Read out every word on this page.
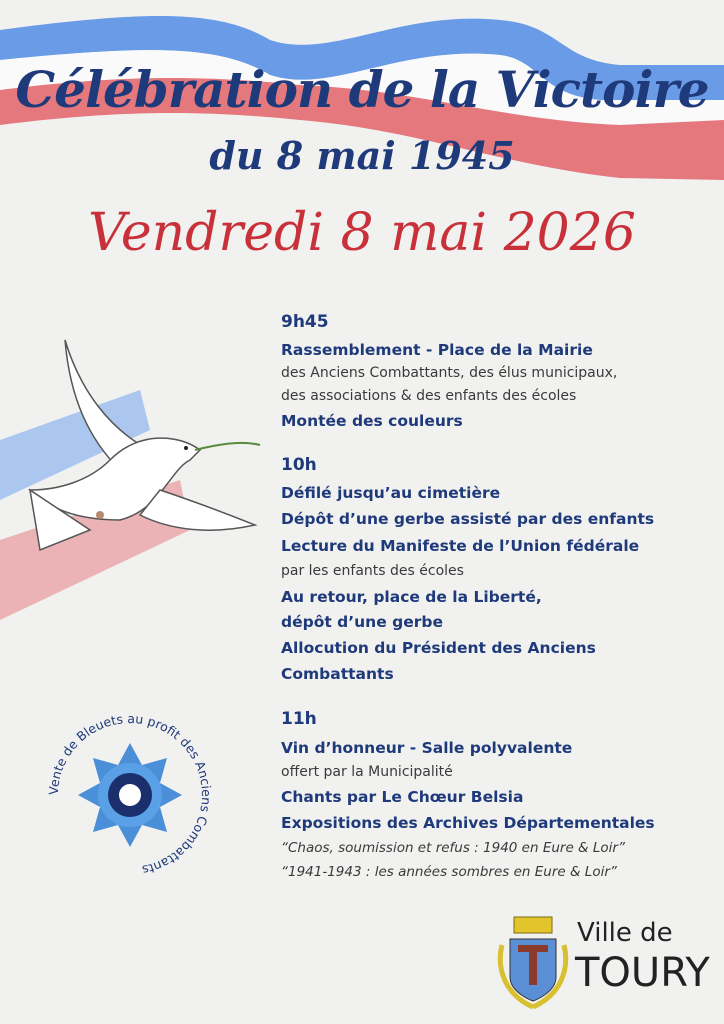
Célébration de la Victoire
du 8 mai 1945
Vendredi 8 mai 2026
9h45
Rassemblement - Place de la Mairie
des Anciens Combattants, des élus municipaux,
des associations & des enfants des écoles
Montée des couleurs
10h
Défilé jusqu’au cimetière
Dépôt d’une gerbe assisté par des enfants
Lecture du Manifeste de l’Union fédérale
par les enfants des écoles
Au retour, place de la Liberté,
dépôt d’une gerbe
Allocution du Président des Anciens
Combattants
11h
Vin d’honneur - Salle polyvalente
offert par la Municipalité
Chants par Le Chœur Belsia
Expositions des Archives Départementales
“Chaos, soumission et refus : 1940 en Eure & Loir”
“1941-1943 : les années sombres en Eure & Loir”
Vente de Bleuets au profit des Anciens Combattants
Ville de
TOURY
